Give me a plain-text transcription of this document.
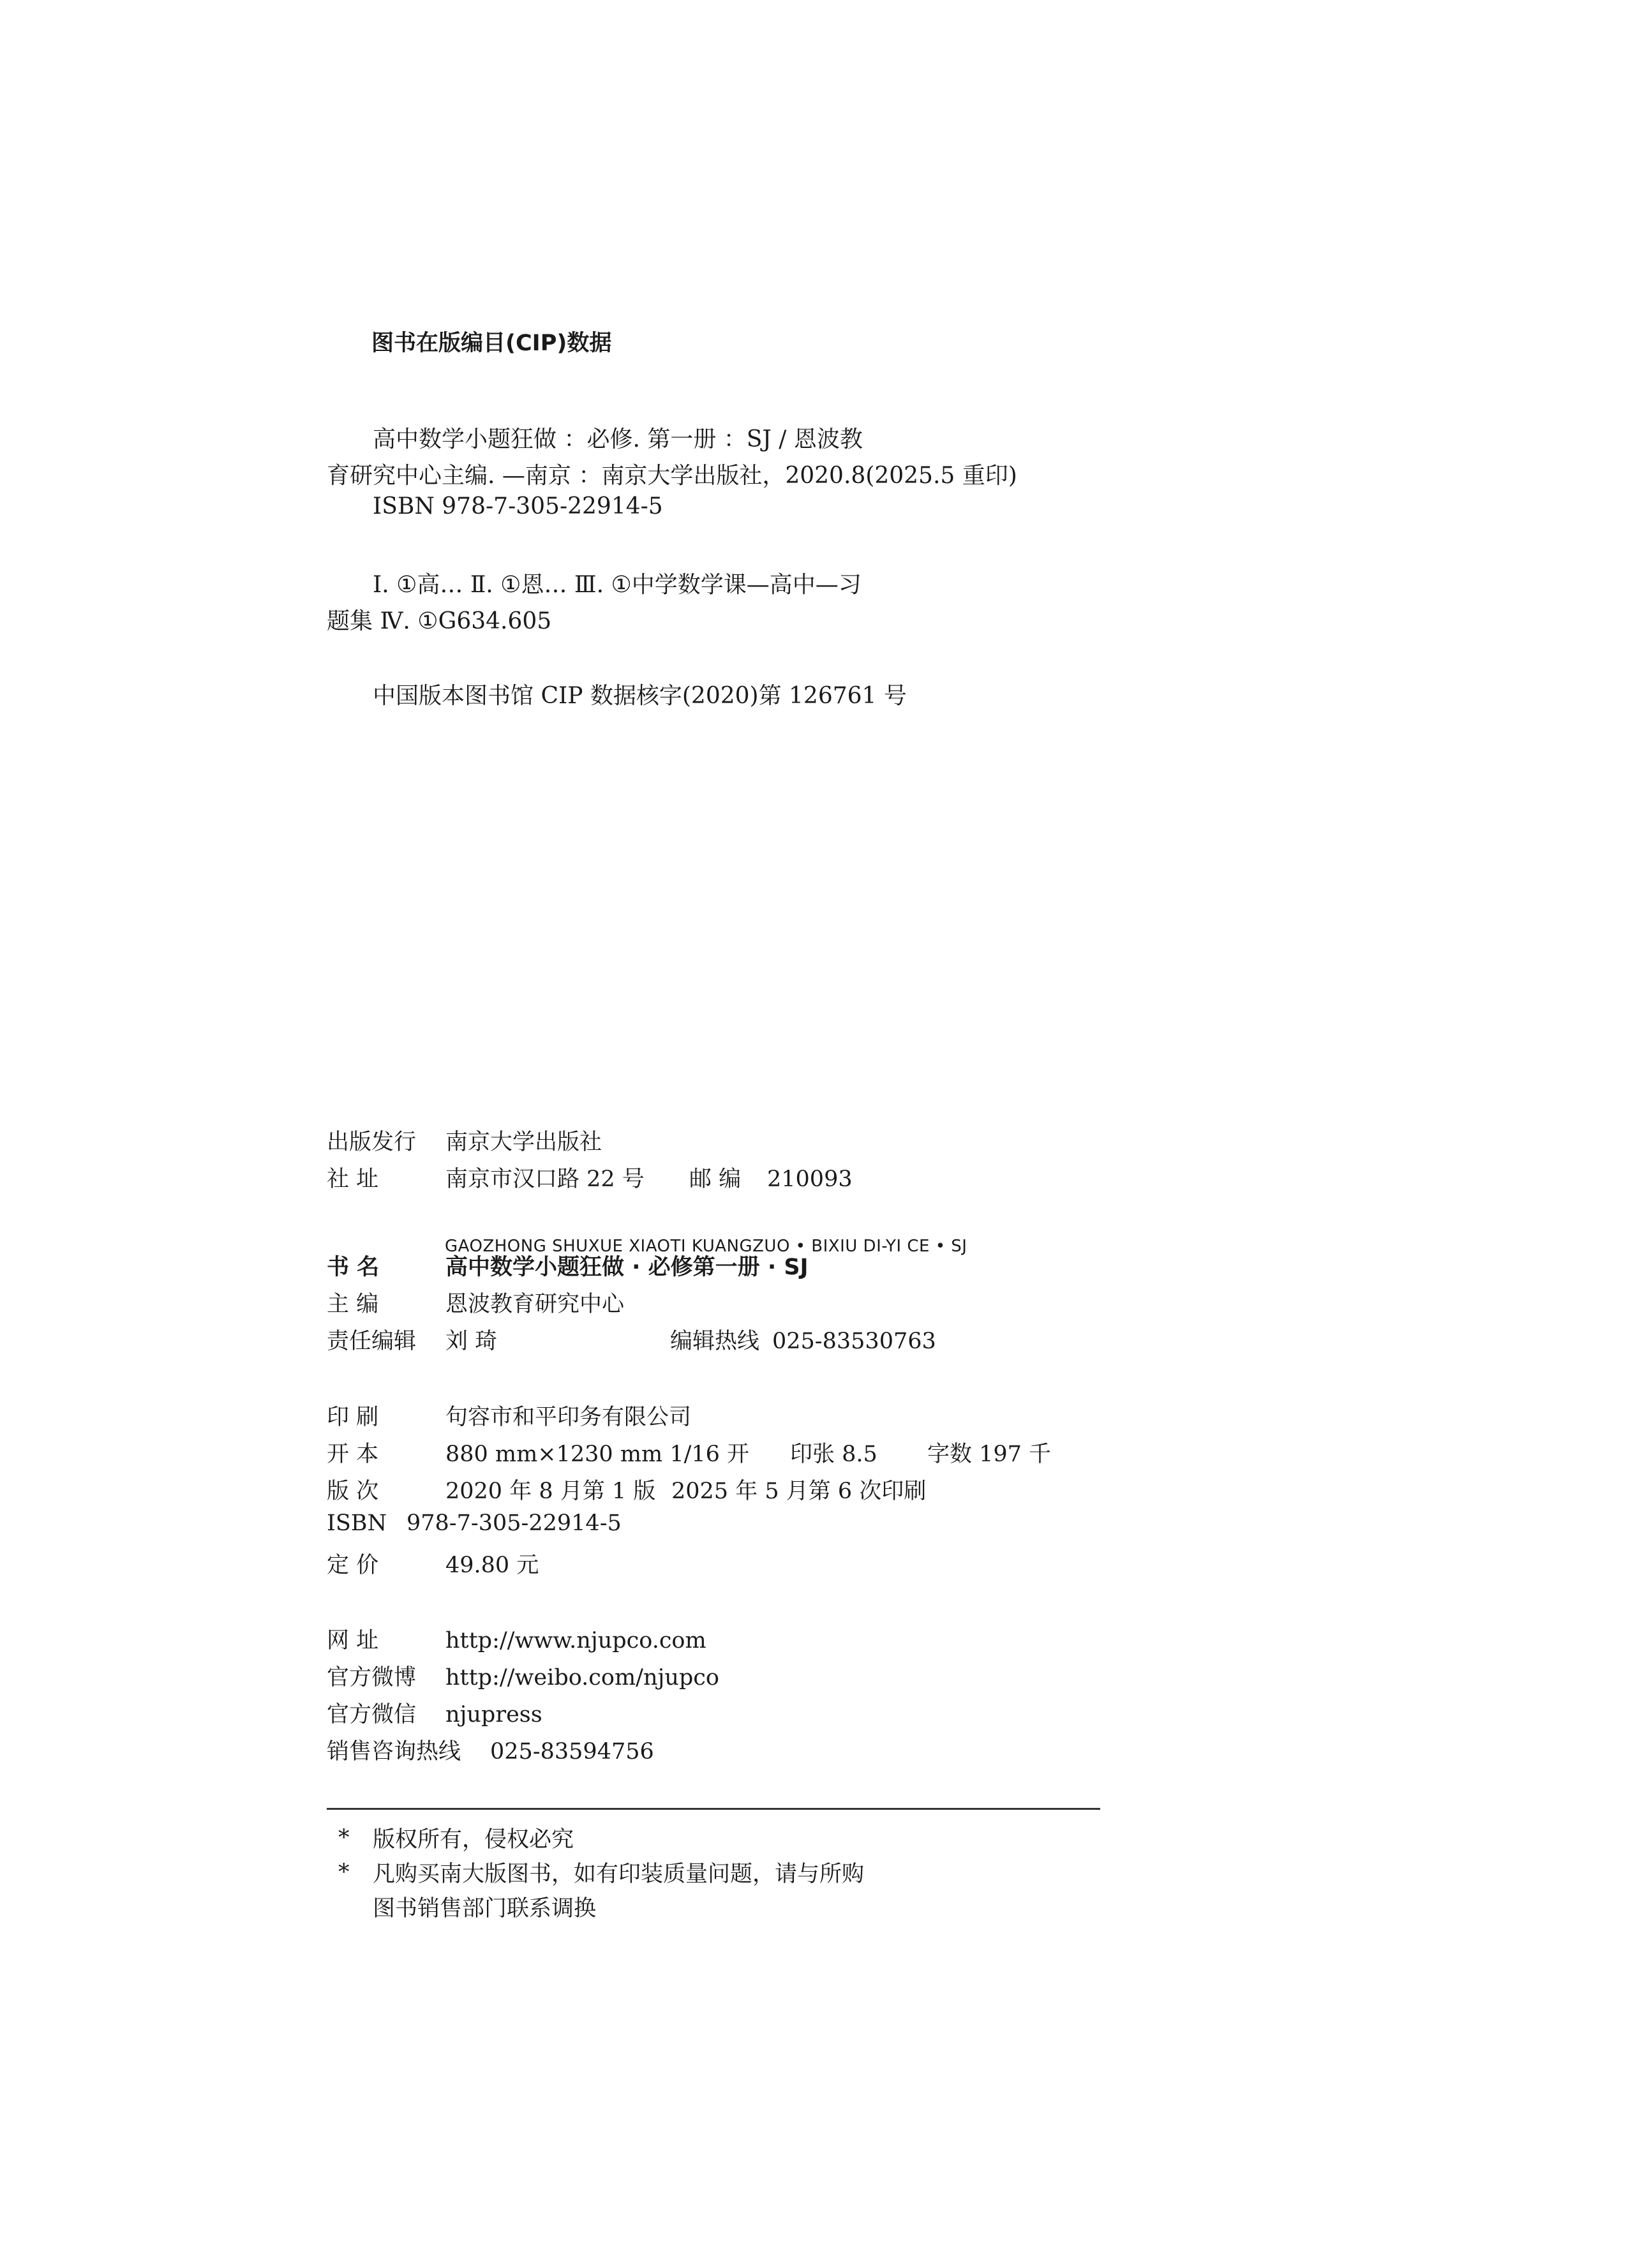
图书在版编目(CIP)数据
高中数学小题狂做 ：必修. 第一册 ：SJ / 恩波教
育研究中心主编. —南京 ：南京大学出版社，2020.8(2025.5 重印)
ISBN 978-7-305-22914-5
Ⅰ. ①高… Ⅱ. ①恩… Ⅲ. ①中学数学课—高中—习
题集 Ⅳ. ①G634.605
中国版本图书馆 CIP 数据核字(2020)第 126761 号
出版发行 南京大学出版社
社 址	南京市汉口路 22 号 邮 编 210093
GAOZHONG SHUXUE XIAOTI KUANGZUO • BIXIU DI-YI CE • SJ
书 名	高中数学小题狂做 · 必修第一册 · SJ
主 编	恩波教育研究中心
责任编辑 刘 琦	编辑热线 025-83530763
印 刷	句容市和平印务有限公司
开 本	880 mm×1230 mm 1/16 开 印张 8.5 字数 197 千
版 次	2020 年 8 月第 1 版 2025 年 5 月第 6 次印刷
ISBN 978-7-305-22914-5
定 价	49.80 元
网 址	http://www.njupco.com
官方微博 http://weibo.com/njupco
官方微信 njupress
销售咨询热线 025-83594756
* 版权所有，侵权必究
* 凡购买南大版图书，如有印装质量问题，请与所购
图书销售部门联系调换
